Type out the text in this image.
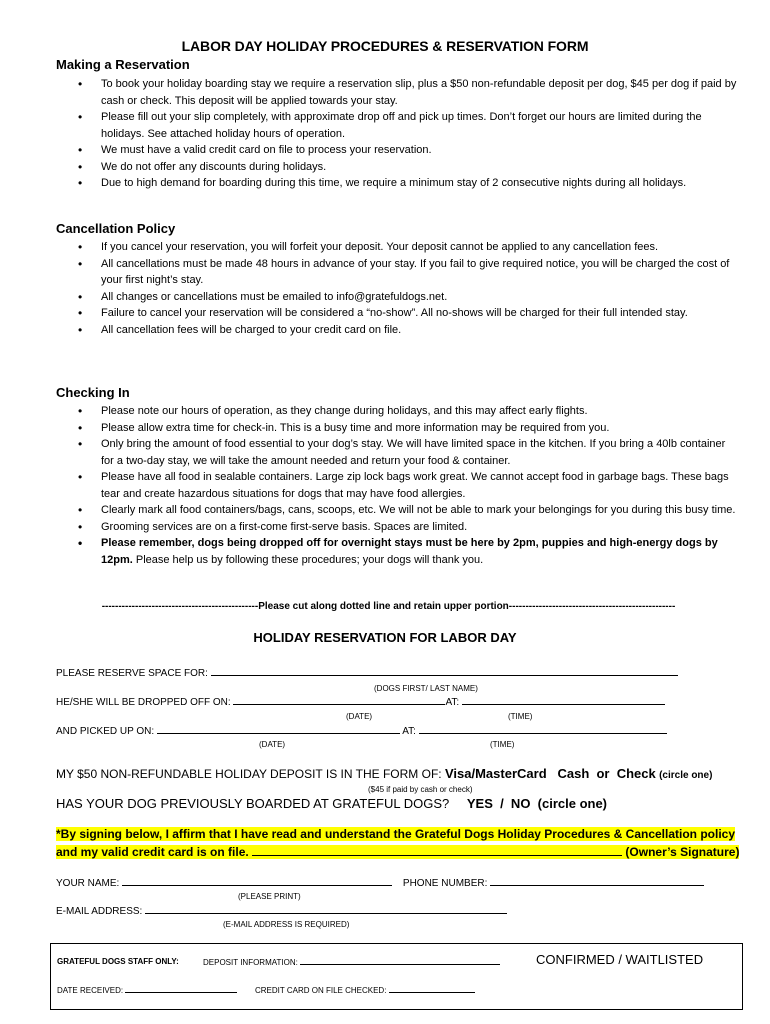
LABOR DAY HOLIDAY PROCEDURES & RESERVATION FORM
Making a Reservation
• To book your holiday boarding stay we require a reservation slip, plus a $50 non-refundable deposit per dog, $45 per dog if paid by cash or check. This deposit will be applied towards your stay.
• Please fill out your slip completely, with approximate drop off and pick up times. Don’t forget our hours are limited during the holidays. See attached holiday hours of operation.
• We must have a valid credit card on file to process your reservation.
• We do not offer any discounts during holidays.
• Due to high demand for boarding during this time, we require a minimum stay of 2 consecutive nights during all holidays.
Cancellation Policy
• If you cancel your reservation, you will forfeit your deposit. Your deposit cannot be applied to any cancellation fees.
• All cancellations must be made 48 hours in advance of your stay. If you fail to give required notice, you will be charged the cost of your first night’s stay.
• All changes or cancellations must be emailed to info@gratefuldogs.net.
• Failure to cancel your reservation will be considered a “no-show”. All no-shows will be charged for their full intended stay.
• All cancellation fees will be charged to your credit card on file.
Checking In
• Please note our hours of operation, as they change during holidays, and this may affect early flights.
• Please allow extra time for check-in. This is a busy time and more information may be required from you.
• Only bring the amount of food essential to your dog’s stay. We will have limited space in the kitchen. If you bring a 40lb container for a two-day stay, we will take the amount needed and return your food & container.
• Please have all food in sealable containers. Large zip lock bags work great. We cannot accept food in garbage bags. These bags tear and create hazardous situations for dogs that may have food allergies.
• Clearly mark all food containers/bags, cans, scoops, etc. We will not be able to mark your belongings for you during this busy time.
• Grooming services are on a first-come first-serve basis. Spaces are limited.
• Please remember, dogs being dropped off for overnight stays must be here by 2pm, puppies and high-energy dogs by 12pm. Please help us by following these procedures; your dogs will thank you.
-----------------------------------------------Please cut along dotted line and retain upper portion--------------------------------------------------
HOLIDAY RESERVATION FOR LABOR DAY
PLEASE RESERVE SPACE FOR:
(DOGS FIRST/ LAST NAME)
HE/SHE WILL BE DROPPED OFF ON:	AT:
(DATE)	(TIME)
AND PICKED UP ON:	AT:
(DATE)	(TIME)
MY $50 NON-REFUNDABLE HOLIDAY DEPOSIT IS IN THE FORM OF: Visa/MasterCard   Cash  or  Check (circle one)
($45 if paid by cash or check)
HAS YOUR DOG PREVIOUSLY BOARDED AT GRATEFUL DOGS? YES  /  NO  (circle one)
*By signing below, I affirm that I have read and understand the Grateful Dogs Holiday Procedures & Cancellation policy
and my valid credit card is on file.	(Owner’s Signature)
YOUR NAME:	PHONE NUMBER:
(PLEASE PRINT)
E-MAIL ADDRESS:
(E-MAIL ADDRESS IS REQUIRED)
GRATEFUL DOGS STAFF ONLY:	DEPOSIT INFORMATION:	CONFIRMED / WAITLISTED
DATE RECEIVED:	CREDIT CARD ON FILE CHECKED:
